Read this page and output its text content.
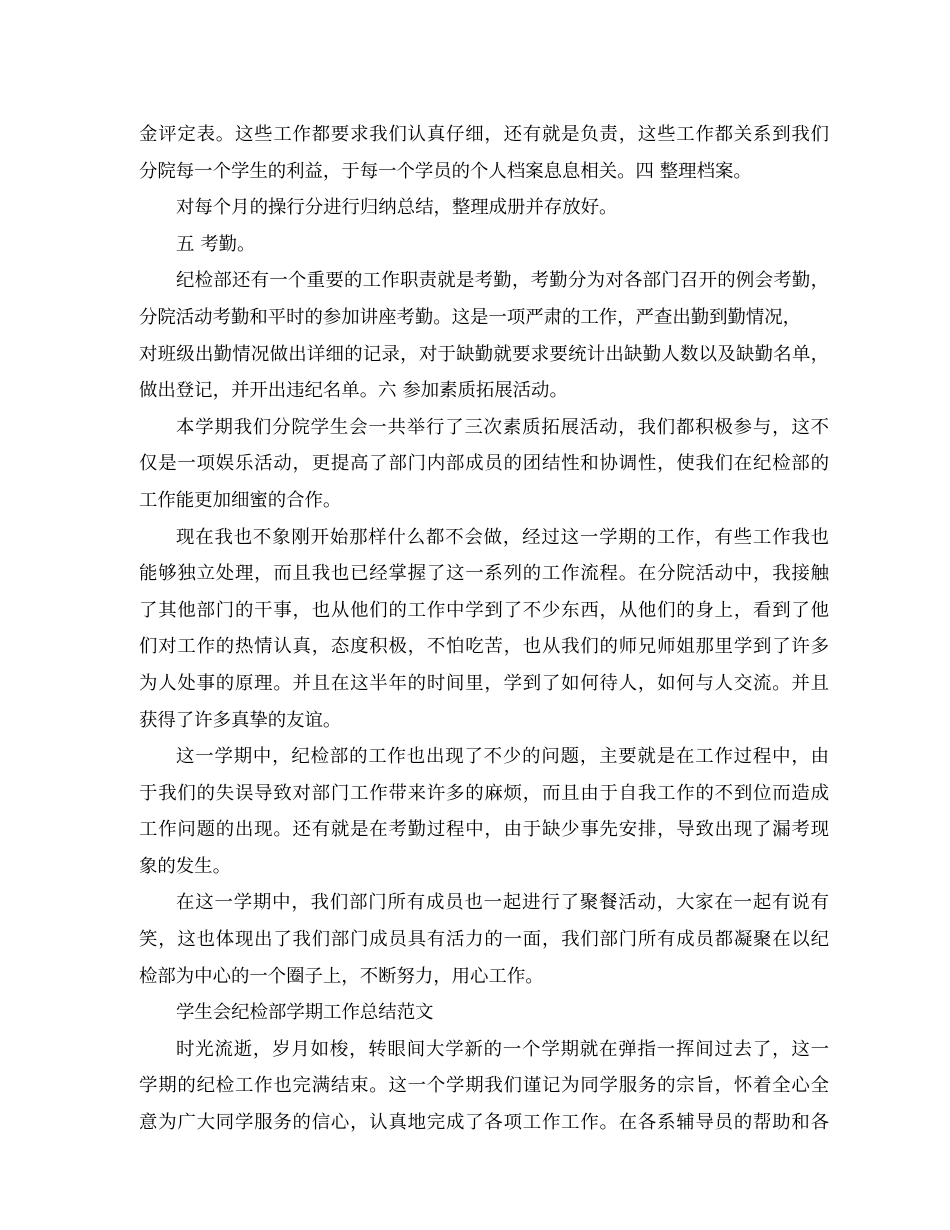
金评定表。这些工作都要求我们认真仔细，还有就是负责，这些工作都关系到我们
分院每一个学生的利益，于每一个学员的个人档案息息相关。四 整理档案。
对每个月的操行分进行归纳总结，整理成册并存放好。
五 考勤。
纪检部还有一个重要的工作职责就是考勤，考勤分为对各部门召开的例会考勤，
分院活动考勤和平时的参加讲座考勤。这是一项严肃的工作，严查出勤到勤情况，
对班级出勤情况做出详细的记录，对于缺勤就要求要统计出缺勤人数以及缺勤名单，
做出登记，并开出违纪名单。六 参加素质拓展活动。
本学期我们分院学生会一共举行了三次素质拓展活动，我们都积极参与，这不
仅是一项娱乐活动，更提高了部门内部成员的团结性和协调性，使我们在纪检部的
工作能更加细蜜的合作。
现在我也不象刚开始那样什么都不会做，经过这一学期的工作，有些工作我也
能够独立处理，而且我也已经掌握了这一系列的工作流程。在分院活动中，我接触
了其他部门的干事，也从他们的工作中学到了不少东西，从他们的身上，看到了他
们对工作的热情认真，态度积极，不怕吃苦，也从我们的师兄师姐那里学到了许多
为人处事的原理。并且在这半年的时间里，学到了如何待人，如何与人交流。并且
获得了许多真挚的友谊。
这一学期中，纪检部的工作也出现了不少的问题，主要就是在工作过程中，由
于我们的失误导致对部门工作带来许多的麻烦，而且由于自我工作的不到位而造成
工作问题的出现。还有就是在考勤过程中，由于缺少事先安排，导致出现了漏考现
象的发生。
在这一学期中，我们部门所有成员也一起进行了聚餐活动，大家在一起有说有
笑，这也体现出了我们部门成员具有活力的一面，我们部门所有成员都凝聚在以纪
检部为中心的一个圈子上，不断努力，用心工作。
学生会纪检部学期工作总结范文
时光流逝，岁月如梭，转眼间大学新的一个学期就在弹指一挥间过去了，这一
学期的纪检工作也完满结束。这一个学期我们谨记为同学服务的宗旨，怀着全心全
意为广大同学服务的信心，认真地完成了各项工作工作。在各系辅导员的帮助和各
